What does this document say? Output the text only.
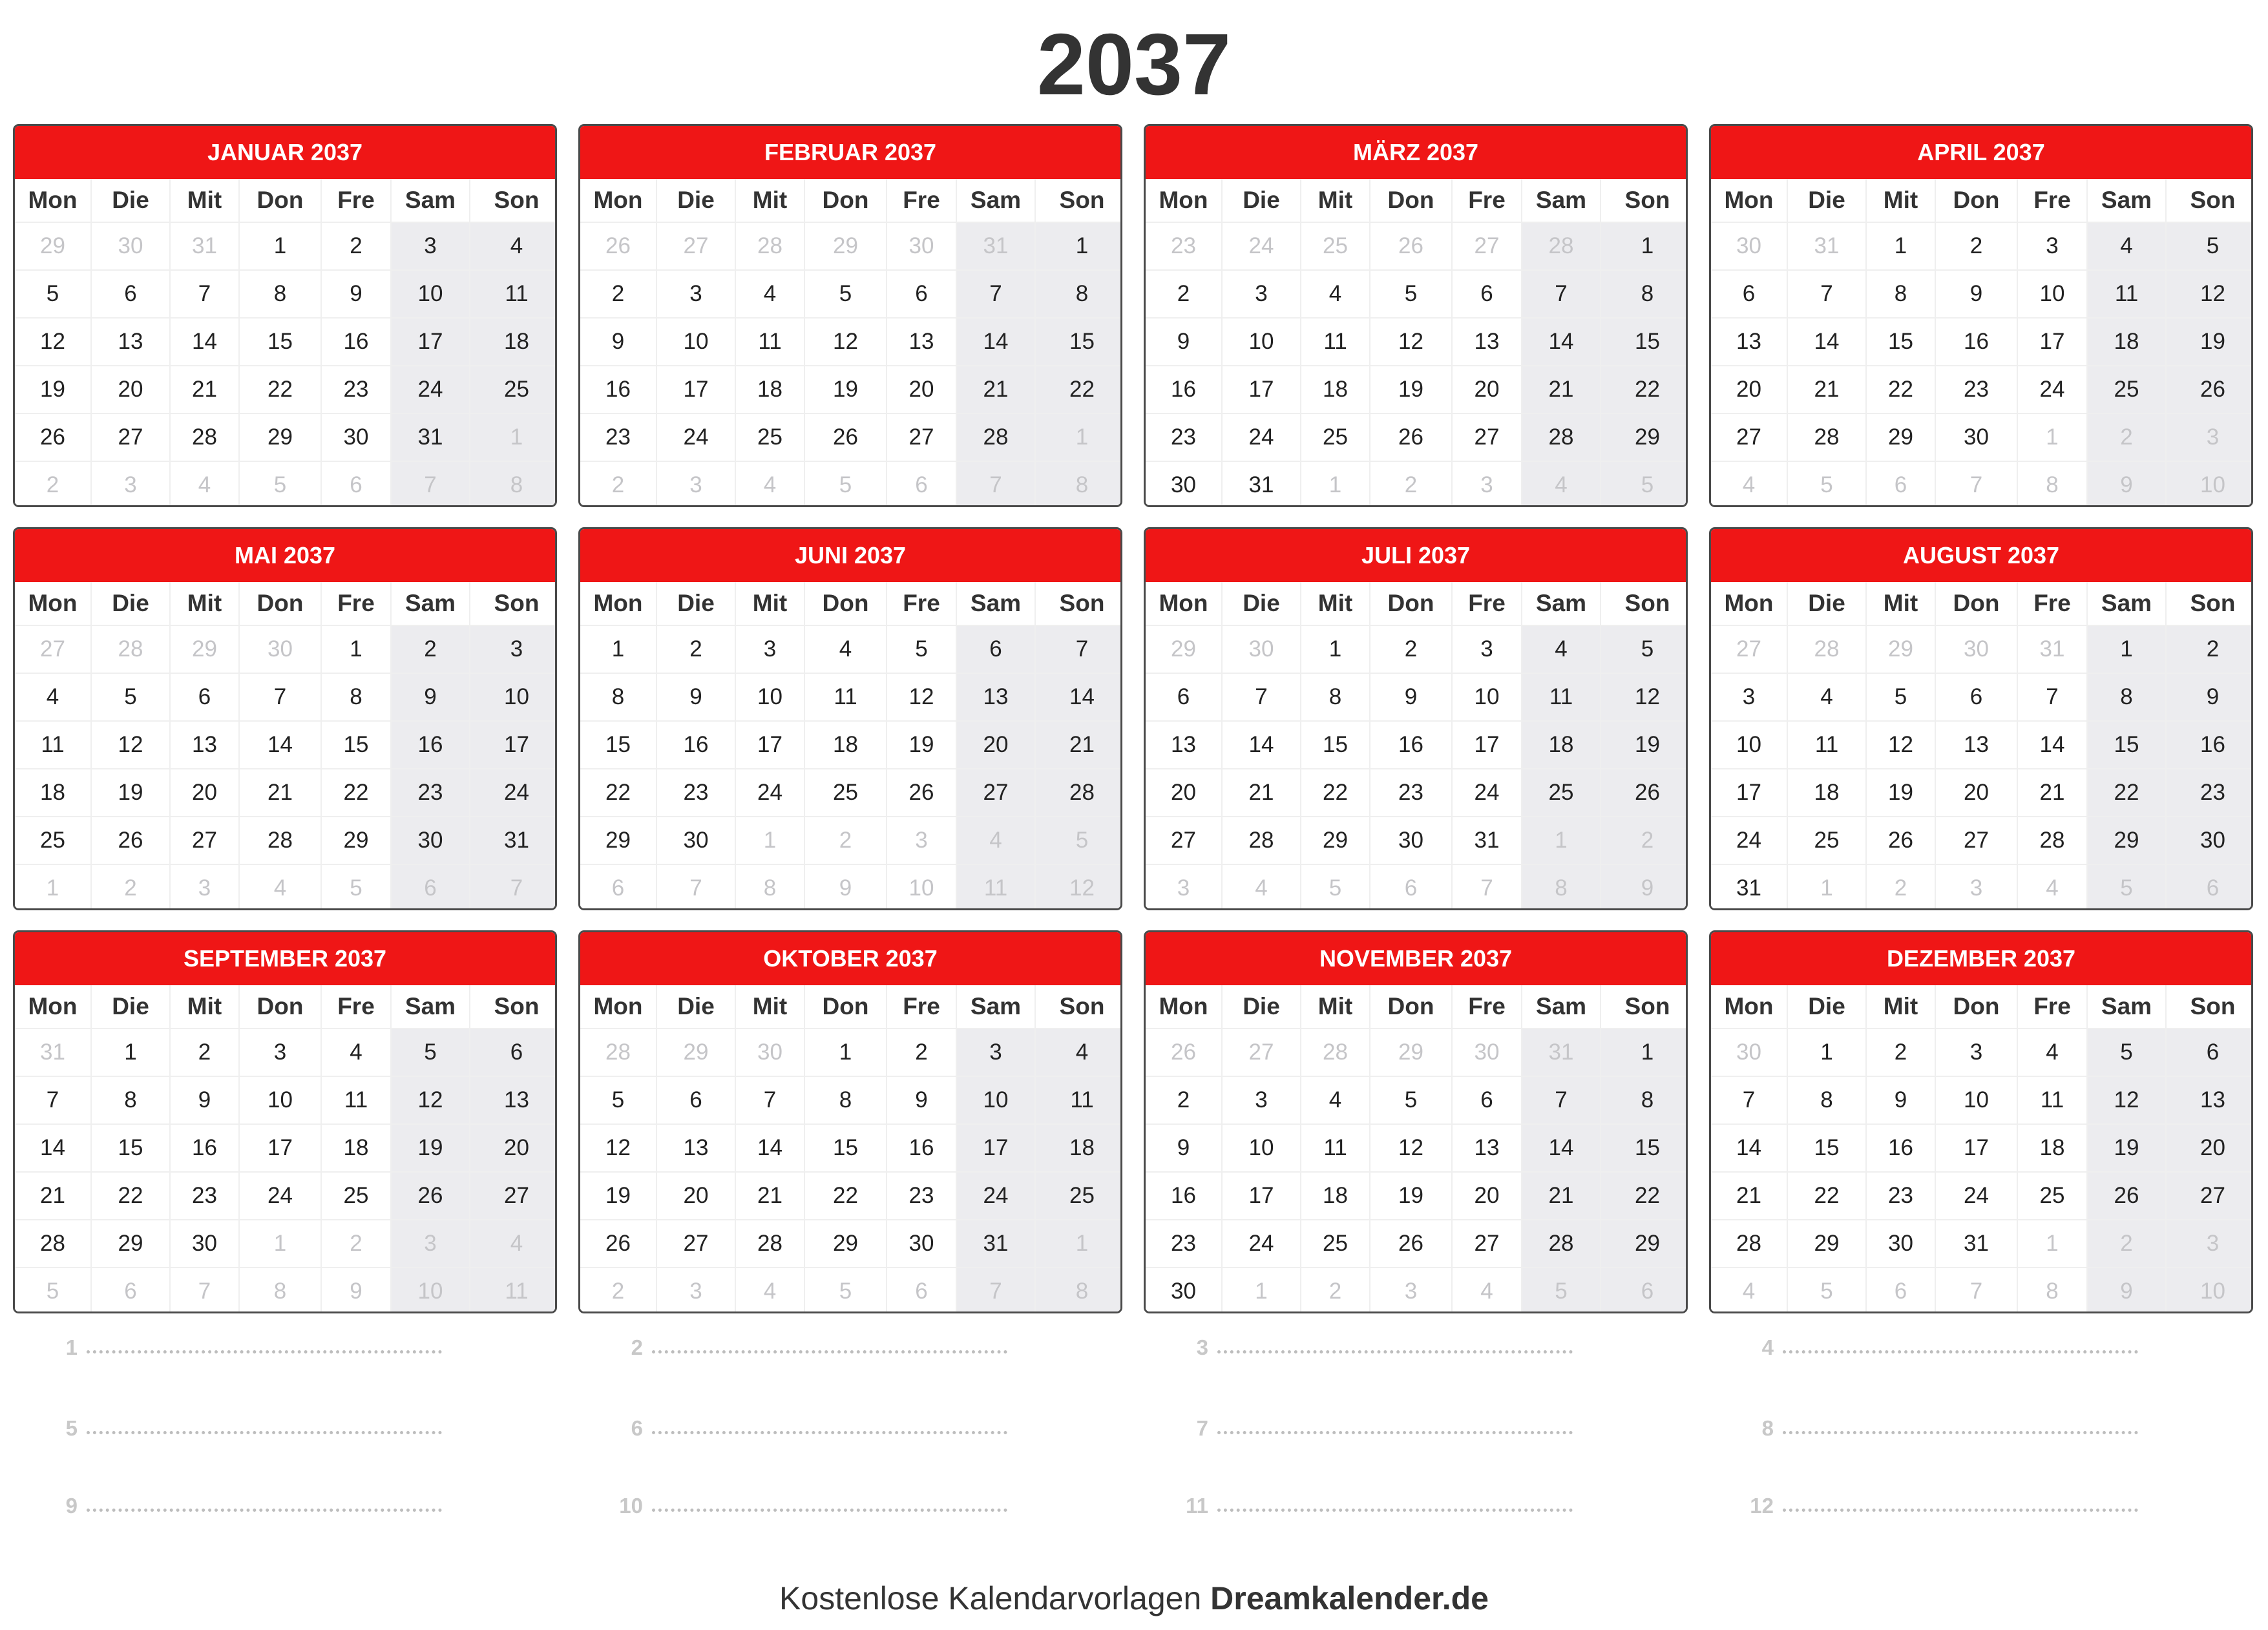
2037
JANUAR 2037
Mon	Die	Mit	Don	Fre	Sam	Son
29	30	31	1	2	3	4
5	6	7	8	9	10	11
12	13	14	15	16	17	18
19	20	21	22	23	24	25
26	27	28	29	30	31	1
2	3	4	5	6	7	8
FEBRUAR 2037
Mon	Die	Mit	Don	Fre	Sam	Son
26	27	28	29	30	31	1
2	3	4	5	6	7	8
9	10	11	12	13	14	15
16	17	18	19	20	21	22
23	24	25	26	27	28	1
2	3	4	5	6	7	8
MÄRZ 2037
Mon	Die	Mit	Don	Fre	Sam	Son
23	24	25	26	27	28	1
2	3	4	5	6	7	8
9	10	11	12	13	14	15
16	17	18	19	20	21	22
23	24	25	26	27	28	29
30	31	1	2	3	4	5
APRIL 2037
Mon	Die	Mit	Don	Fre	Sam	Son
30	31	1	2	3	4	5
6	7	8	9	10	11	12
13	14	15	16	17	18	19
20	21	22	23	24	25	26
27	28	29	30	1	2	3
4	5	6	7	8	9	10
MAI 2037
Mon	Die	Mit	Don	Fre	Sam	Son
27	28	29	30	1	2	3
4	5	6	7	8	9	10
11	12	13	14	15	16	17
18	19	20	21	22	23	24
25	26	27	28	29	30	31
1	2	3	4	5	6	7
JUNI 2037
Mon	Die	Mit	Don	Fre	Sam	Son
1	2	3	4	5	6	7
8	9	10	11	12	13	14
15	16	17	18	19	20	21
22	23	24	25	26	27	28
29	30	1	2	3	4	5
6	7	8	9	10	11	12
JULI 2037
Mon	Die	Mit	Don	Fre	Sam	Son
29	30	1	2	3	4	5
6	7	8	9	10	11	12
13	14	15	16	17	18	19
20	21	22	23	24	25	26
27	28	29	30	31	1	2
3	4	5	6	7	8	9
AUGUST 2037
Mon	Die	Mit	Don	Fre	Sam	Son
27	28	29	30	31	1	2
3	4	5	6	7	8	9
10	11	12	13	14	15	16
17	18	19	20	21	22	23
24	25	26	27	28	29	30
31	1	2	3	4	5	6
SEPTEMBER 2037
Mon	Die	Mit	Don	Fre	Sam	Son
31	1	2	3	4	5	6
7	8	9	10	11	12	13
14	15	16	17	18	19	20
21	22	23	24	25	26	27
28	29	30	1	2	3	4
5	6	7	8	9	10	11
OKTOBER 2037
Mon	Die	Mit	Don	Fre	Sam	Son
28	29	30	1	2	3	4
5	6	7	8	9	10	11
12	13	14	15	16	17	18
19	20	21	22	23	24	25
26	27	28	29	30	31	1
2	3	4	5	6	7	8
NOVEMBER 2037
Mon	Die	Mit	Don	Fre	Sam	Son
26	27	28	29	30	31	1
2	3	4	5	6	7	8
9	10	11	12	13	14	15
16	17	18	19	20	21	22
23	24	25	26	27	28	29
30	1	2	3	4	5	6
DEZEMBER 2037
Mon	Die	Mit	Don	Fre	Sam	Son
30	1	2	3	4	5	6
7	8	9	10	11	12	13
14	15	16	17	18	19	20
21	22	23	24	25	26	27
28	29	30	31	1	2	3
4	5	6	7	8	9	10
1	2	3	4
5	6	7	8
9	10	11	12
Kostenlose Kalendarvorlagen Dreamkalender.de
